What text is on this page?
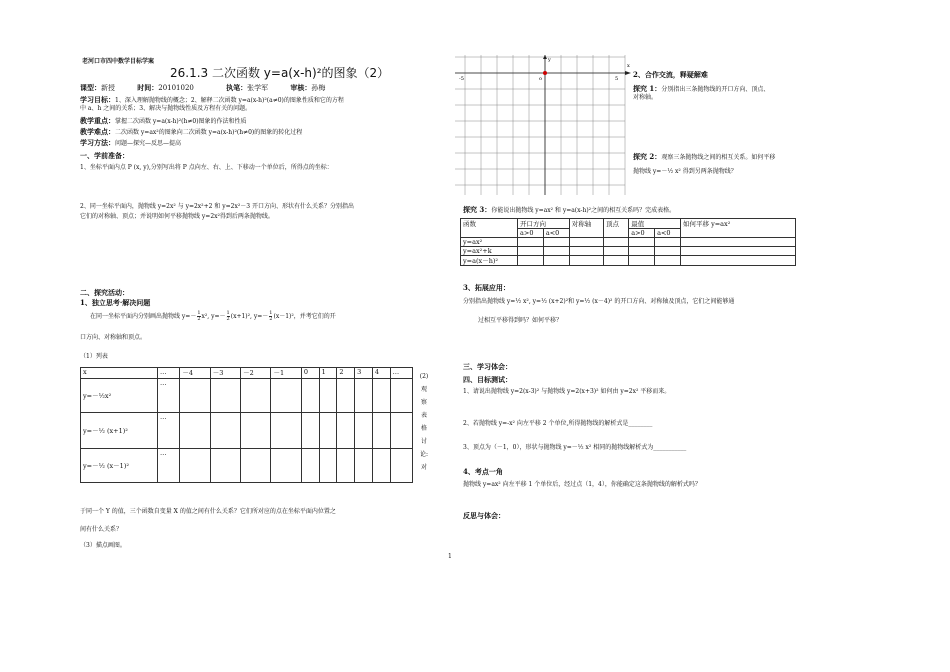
老河口市四中数学目标学案
26.1.3 二次函数 y=a(x-h)²的图象（2）
课型：新授	时间：20101020	执笔：张学军	审核：孙梅
学习目标：1、深入理解抛物线的概念；2、解释二次函数 y=a(x-h)²(a≠0)的图象性质和它的方程
中 a、h 之间的关系；3、解决与抛物线性质及方程有关的问题。
教学重点：掌握二次函数 y=a(x-h)²(h≠0)图象的作法和性质
教学难点：二次函数 y=ax²的图象向二次函数 y=a(x-h)²(h≠0)的图象的转化过程
学习方法：问题—探究—反思—提高
一、学前准备：
1、坐标平面内点 P (x, y),分别写出将 P 点向左、右、上、下移动一个单位后，所得点的坐标：
2、同一坐标平面内，抛物线 y=2x² 与 y=2x²+2 和 y=2x²－3 开口方向、形状有什么关系？分别指出
它们的对称轴、顶点；并说明如何平移抛物线 y=2x²得到后两条抛物线。
二、探究活动：
1、独立思考·解决问题
在同一坐标平面内分别画出抛物线 $y=- \frac{1}{2} x^2$, $y=- \frac{1}{2} (x+1)^2$, $y=- \frac{1}{2} (x-1)^2$，并考它们的开
口方向、对称轴和顶点。
（1）列表
x	…	－4	－3	－2	－1	0	1	2	3	4	…
y=－½x²	…										
y=－½ (x+1)²	…										
y=－½ (x－1)²	…										
(2)
观
察
表
格
讨
论:
对
于同一个 Y 的值，三个函数自变量 X 的值之间有什么关系？它们所对应的点在坐标平面内位置之
间有什么关系？
（3）描点画图。
x
y
o
-5	5 2、合作交流，释疑解难
探究 1：分别指出三条抛物线的开口方向、顶点、
对称轴。
探究 2：观察三条抛物线之间的相互关系。如何平移
抛物线 y=－½ x² 得到另两条抛物线？
探究 3：你能说出抛物线 y=ax² 和 y=a(x-h)²之间的相互关系吗？完成表格。
函数	开口方向		对称轴	顶点	最值		如何平移 y=ax²
	a>0	a<0			a>0	a<0	
y=ax²							
y=ax²+k							
y=a(x－h)²							
3、拓展应用：
分别指出抛物线 y=½ x², y=½ (x+2)²和 y=½ (x－4)² 的开口方向、对称轴及顶点，它们之间能够通
过相互平移得到吗？如何平移？
三、学习体会：
四、目标测试：
1、请说出抛物线 y=2(x-3)² 与抛物线 y=2(x+3)² 如何由 y=2x² 平移而来。
2、若抛物线 y=-x² 向左平移 2 个单位,所得抛物线的解析式是________
3、顶点为（－1，0），形状与抛物线 y=－½ x² 相同的抛物线解析式为___________
4、考点一角
抛物线 y=ax² 向左平移 1 个单位后，经过点（1，4），你能确定这条抛物线的解析式吗？
反思与体会：
1
